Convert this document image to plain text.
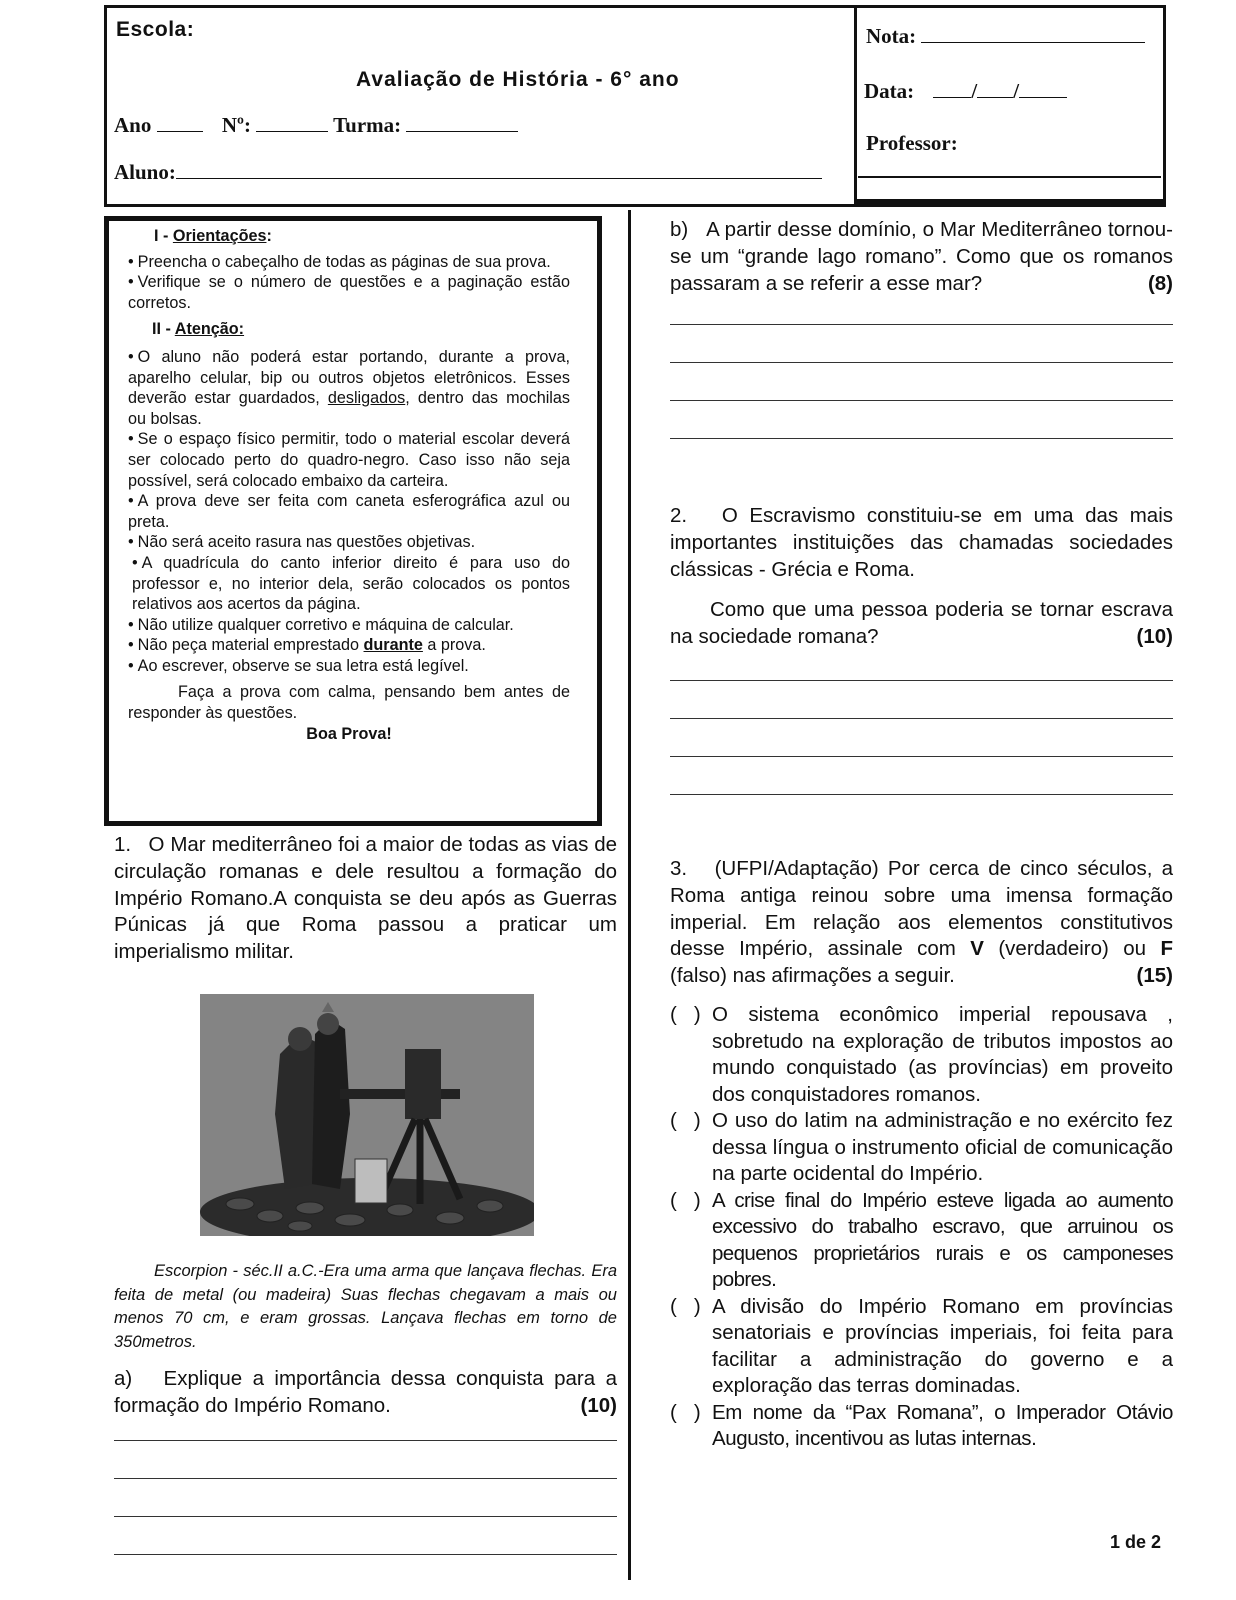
Escola:
Avaliação de História - 6° ano
Ano	Nº:	Turma:
Aluno:
Nota:
Data:	/ /
Professor:
I - Orientações:
• Preencha o cabeçalho de todas as páginas de sua prova.
• Verifique se o número de questões e a paginação estão corretos.
II - Atenção:
• O aluno não poderá estar portando, durante a prova, aparelho celular, bip ou outros objetos eletrônicos. Esses deverão estar guardados, desligados, dentro das mochilas ou bolsas.
• Se o espaço físico permitir, todo o material escolar deverá ser colocado perto do quadro-negro. Caso isso não seja possível, será colocado embaixo da carteira.
• A prova deve ser feita com caneta esferográfica azul ou preta.
• Não será aceito rasura nas questões objetivas.
• A quadrícula do canto inferior direito é para uso do professor e, no interior dela, serão colocados os pontos relativos aos acertos da página.
• Não utilize qualquer corretivo e máquina de calcular.
• Não peça material emprestado durante a prova.
• Ao escrever, observe se sua letra está legível.
Faça a prova com calma, pensando bem antes de responder às questões.
Boa Prova!
1.   O Mar mediterrâneo foi a maior de todas as vias de circulação romanas e dele resultou a formação do Império Romano.A conquista se deu após as Guerras Púnicas já que Roma passou a praticar um imperialismo militar.
Escorpion - séc.II a.C.-Era uma arma que lançava flechas. Era feita de metal (ou madeira) Suas flechas chegavam a mais ou menos 70 cm, e eram grossas. Lançava flechas em torno de 350metros.
a)   Explique a importância dessa conquista para a formação do Império Romano.	(10)
b)   A partir desse domínio, o Mar Mediterrâneo tornou-se um “grande lago romano”. Como que os romanos passaram a se referir a esse mar?	(8)
2.   O Escravismo constituiu-se em uma das mais importantes instituições das chamadas sociedades clássicas - Grécia e Roma.
Como que uma pessoa poderia se tornar escrava na sociedade romana?	(10)
3.   (UFPI/Adaptação) Por cerca de cinco séculos, a Roma antiga reinou sobre uma imensa formação imperial. Em relação aos elementos constitutivos desse Império, assinale com V (verdadeiro) ou F (falso) nas afirmações a seguir.	(15)
(   ) O sistema econômico imperial repousava , sobretudo na exploração de tributos impostos ao mundo conquistado (as províncias) em proveito dos conquistadores romanos.
(   ) O uso do latim na administração e no exército fez dessa língua o instrumento oficial de comunicação na parte ocidental do Império.
(   ) A crise final do Império esteve ligada ao aumento excessivo do trabalho escravo, que arruinou os pequenos proprietários rurais e os camponeses pobres.
(   ) A divisão do Império Romano em províncias senatoriais e províncias imperiais, foi feita para facilitar a administração do governo e a exploração das terras dominadas.
(   ) Em nome da “Pax Romana”, o Imperador Otávio Augusto, incentivou as lutas internas.
1 de 2
